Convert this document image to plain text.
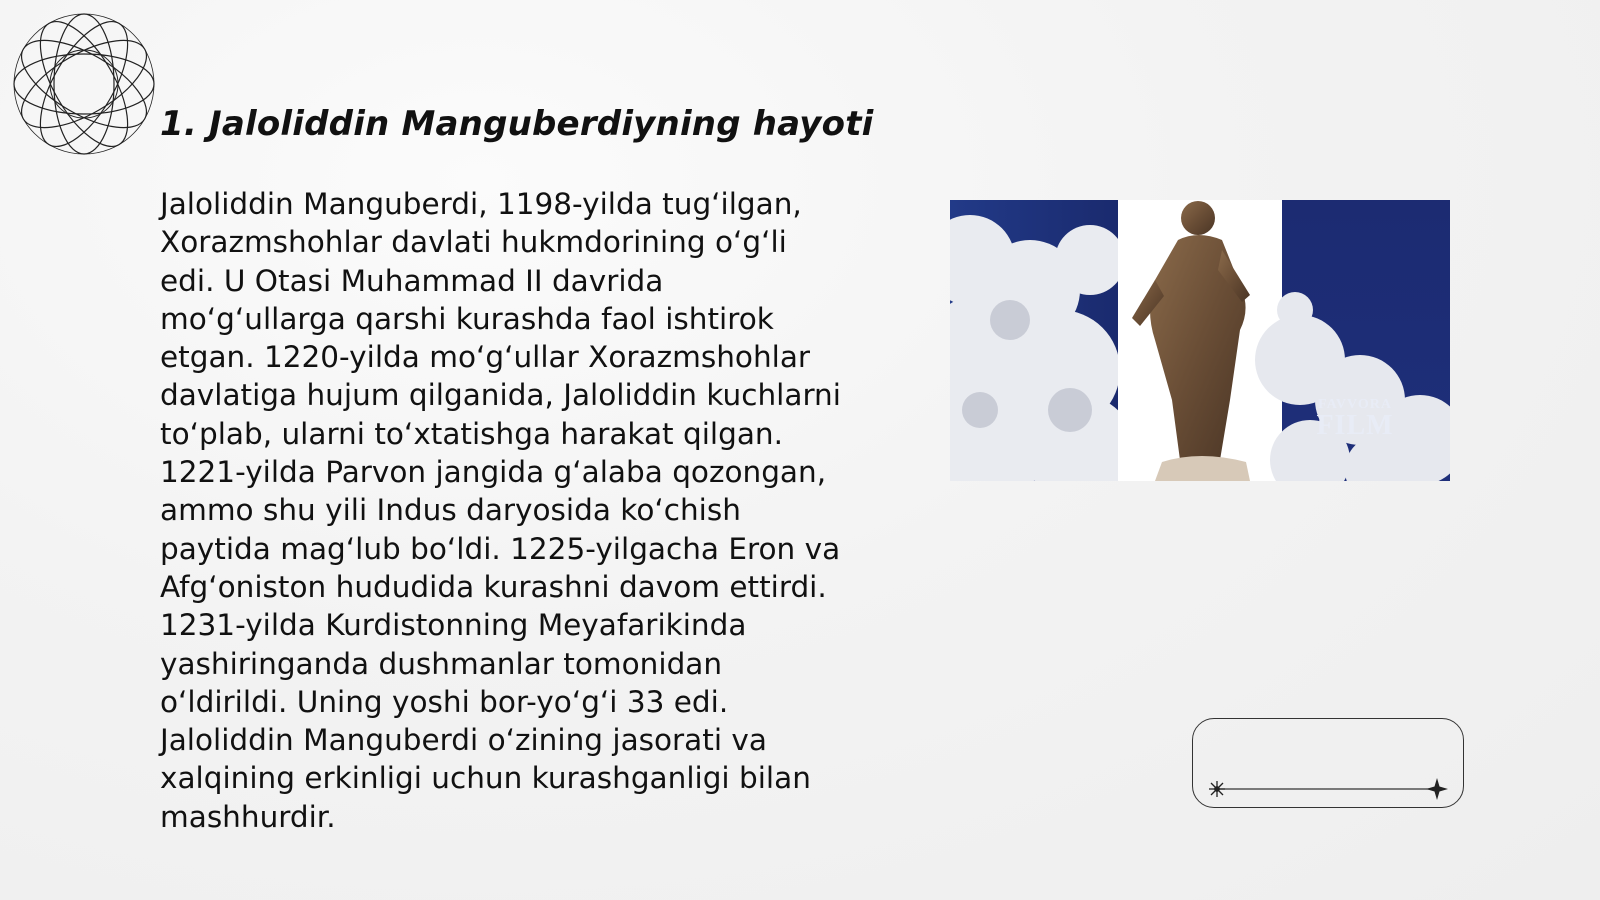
1. Jaloliddin Manguberdiyning hayoti

Jaloliddin Manguberdi, 1198-yilda tugʻilgan, Xorazmshohlar davlati hukmdorining oʻgʻli edi. U Otasi Muhammad II davrida moʻgʻullarga qarshi kurashda faol ishtirok etgan. 1220-yilda moʻgʻullar Xorazmshohlar davlatiga hujum qilganida, Jaloliddin kuchlarni toʻplab, ularni toʻxtatishga harakat qilgan. 1221-yilda Parvon jangida gʻalaba qozongan, ammo shu yili Indus daryosida koʻchish paytida magʻlub boʻldi. 1225-yilgacha Eron va Afgʻoniston hududida kurashni davom ettirdi. 1231-yilda Kurdistonning Meyafarikinda yashiringanda dushmanlar tomonidan oʻldirildi. Uning yoshi bor-yoʻgʻi 33 edi. Jaloliddin Manguberdi oʻzining jasorati va xalqining erkinligi uchun kurashganligi bilan mashhurdir.

FAVVORA
FILM
